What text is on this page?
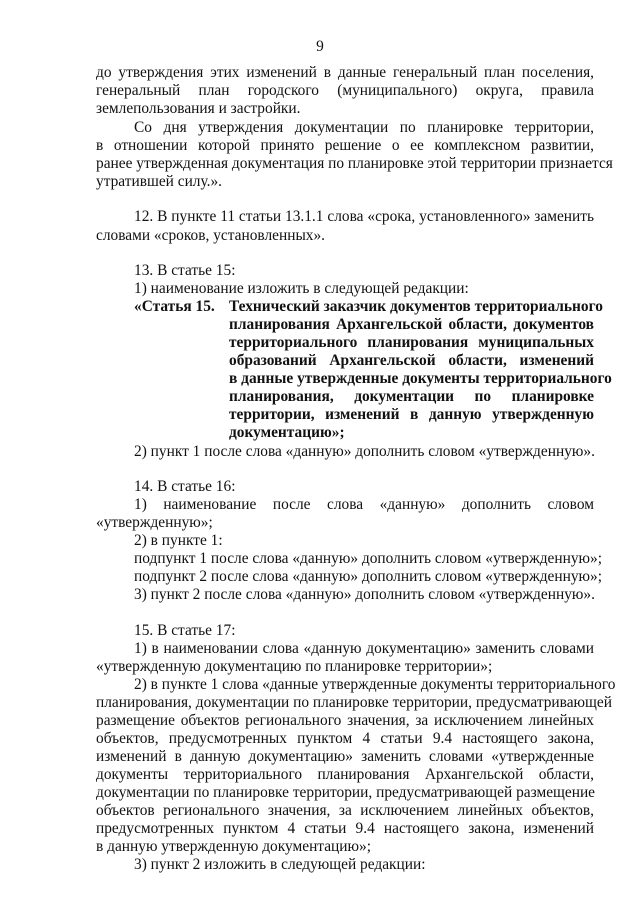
9
до утверждения этих изменений в данные генеральный план поселения,
генеральный план городского (муниципального) округа, правила
землепользования и застройки.
Со дня утверждения документации по планировке территории,
в отношении которой принято решение о ее комплексном развитии,
ранее утвержденная документация по планировке этой территории признается
утратившей силу.».
12. В пункте 11 статьи 13.1.1 слова «срока, установленного» заменить
словами «сроков, установленных».
13. В статье 15:
1) наименование изложить в следующей редакции:
«Статья 15. Технический заказчик документов территориального
планирования Архангельской области, документов
территориального планирования муниципальных
образований Архангельской области, изменений
в данные утвержденные документы территориального
планирования, документации по планировке
территории, изменений в данную утвержденную
документацию»;
2) пункт 1 после слова «данную» дополнить словом «утвержденную».
14. В статье 16:
1) наименование после слова «данную» дополнить словом
«утвержденную»;
2) в пункте 1:
подпункт 1 после слова «данную» дополнить словом «утвержденную»;
подпункт 2 после слова «данную» дополнить словом «утвержденную»;
3) пункт 2 после слова «данную» дополнить словом «утвержденную».
15. В статье 17:
1) в наименовании слова «данную документацию» заменить словами
«утвержденную документацию по планировке территории»;
2) в пункте 1 слова «данные утвержденные документы территориального
планирования, документации по планировке территории, предусматривающей
размещение объектов регионального значения, за исключением линейных
объектов, предусмотренных пунктом 4 статьи 9.4 настоящего закона,
изменений в данную документацию» заменить словами «утвержденные
документы территориального планирования Архангельской области,
документации по планировке территории, предусматривающей размещение
объектов регионального значения, за исключением линейных объектов,
предусмотренных пунктом 4 статьи 9.4 настоящего закона, изменений
в данную утвержденную документацию»;
3) пункт 2 изложить в следующей редакции:
